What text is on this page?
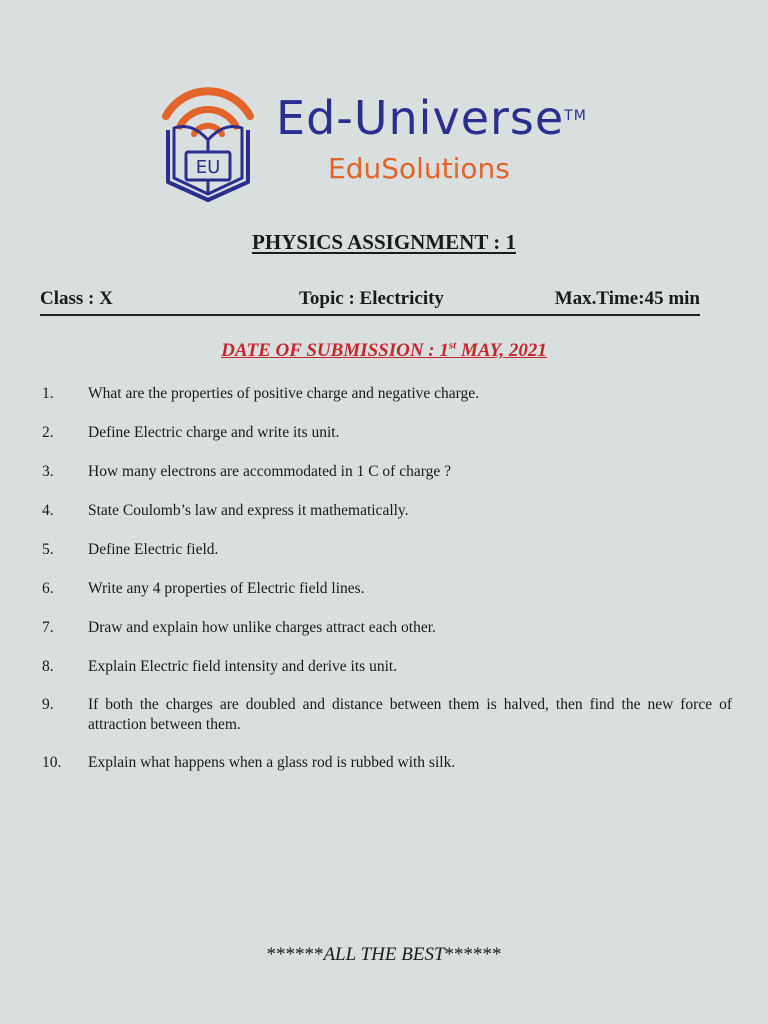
EU
Ed-Universe™
EduSolutions
PHYSICS ASSIGNMENT : 1
Class : X	Topic : Electricity	Max.Time:45 min
DATE OF SUBMISSION : 1st MAY, 2021
1. What are the properties of positive charge and negative charge.
2. Define Electric charge and write its unit.
3. How many electrons are accommodated in 1 C of charge ?
4. State Coulomb’s law and express it mathematically.
5. Define Electric field.
6. Write any 4 properties of Electric field lines.
7. Draw and explain how unlike charges attract each other.
8. Explain Electric field intensity and derive its unit.
9. If both the charges are doubled and distance between them is halved, then find the new force of attraction between them.
10. Explain what happens when a glass rod is rubbed with silk.
******ALL THE BEST******
